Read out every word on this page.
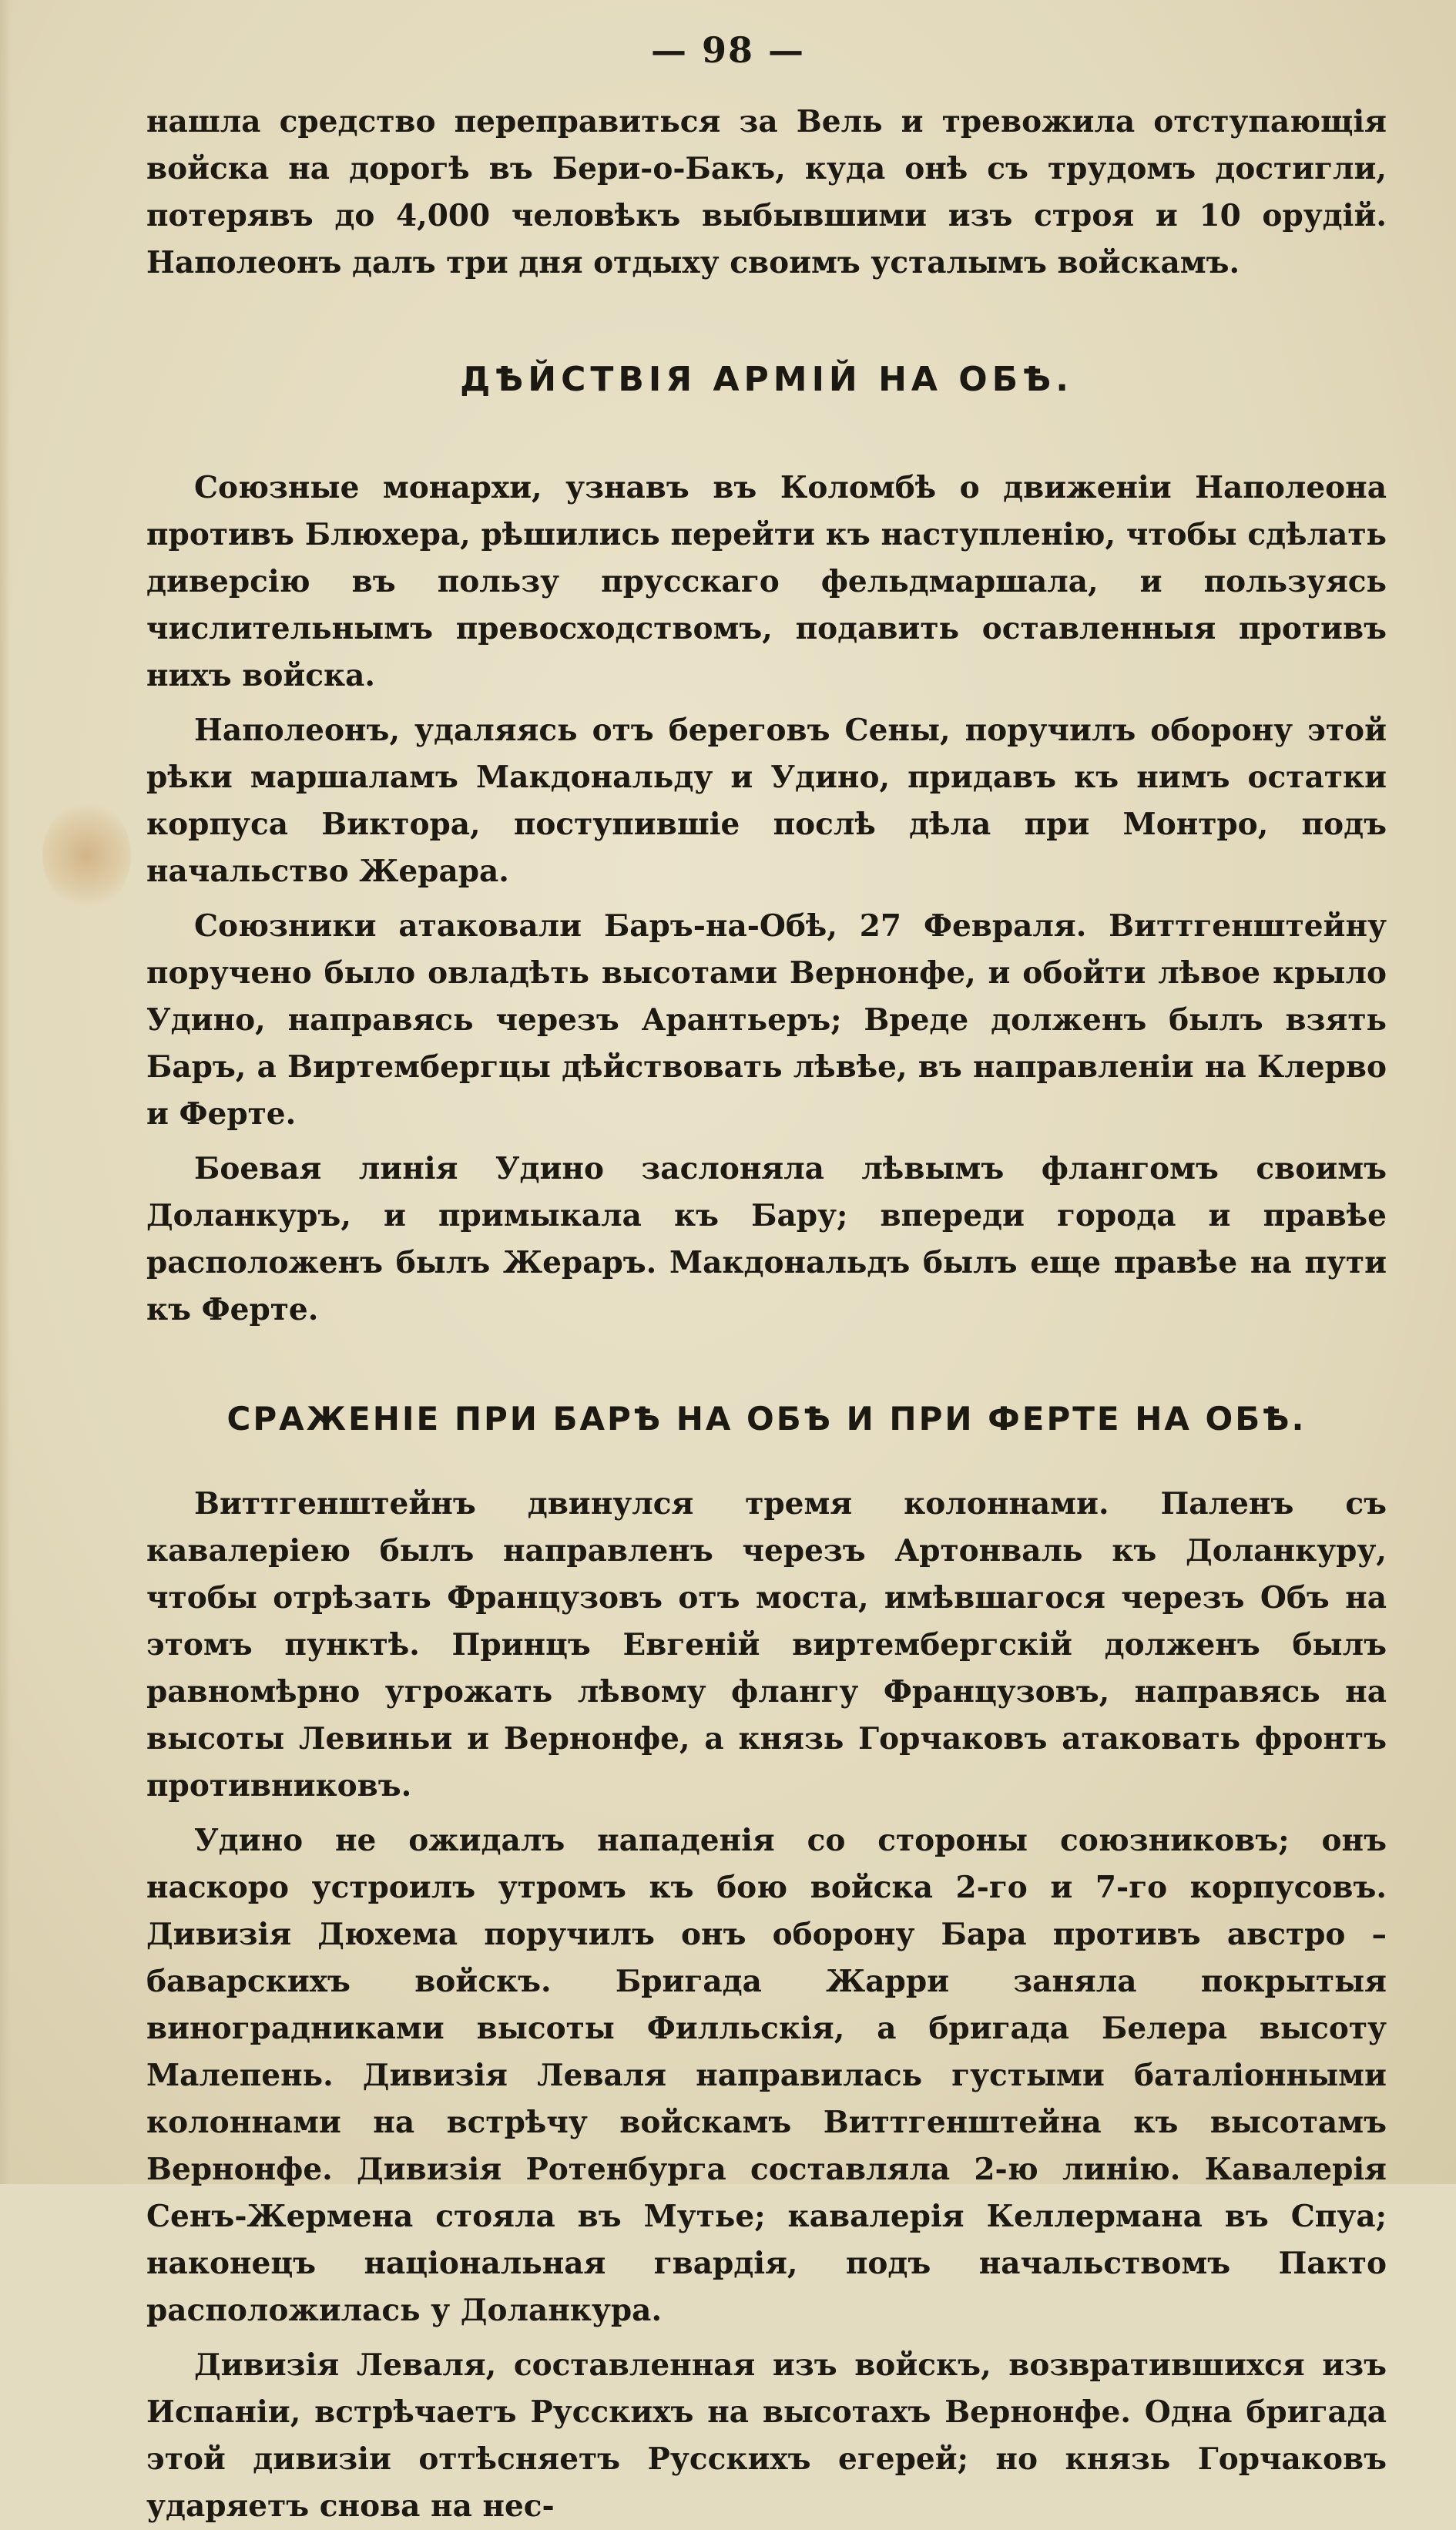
— 98 —

нашла средство переправиться за Вель и тревожила отступающія войска на дорогѣ въ Бери-о-Бакъ, куда онѣ съ трудомъ достигли, потерявъ до 4,000 человѣкъ выбывшими изъ строя и 10 орудій. Наполеонъ далъ три дня отдыху своимъ усталымъ войскамъ.

ДѢЙСТВІЯ АРМІЙ НА ОБѢ.

Союзные монархи, узнавъ въ Коломбѣ о движеніи Наполеона противъ Блюхера, рѣшились перейти къ наступленію, чтобы сдѣлать диверсію въ пользу прусскаго фельдмаршала, и пользуясь числительнымъ превосходствомъ, подавить оставленныя противъ нихъ войска.

Наполеонъ, удаляясь отъ береговъ Сены, поручилъ оборону этой рѣки маршаламъ Макдональду и Удино, придавъ къ нимъ остатки корпуса Виктора, поступившіе послѣ дѣла при Монтро, подъ начальство Жерара.

Союзники атаковали Баръ-на-Обѣ, 27 Февраля. Виттгенштейну поручено было овладѣть высотами Вернонфе, и обойти лѣвое крыло Удино, направясь черезъ Арантьеръ; Вреде долженъ былъ взять Баръ, а Виртембергцы дѣйствовать лѣвѣе, въ направленіи на Клерво и Ферте.

Боевая линія Удино заслоняла лѣвымъ флангомъ своимъ Доланкуръ, и примыкала къ Бару; впереди города и правѣе расположенъ былъ Жераръ. Макдональдъ былъ еще правѣе на пути къ Ферте.

СРАЖЕНІЕ ПРИ БАРѢ НА ОБѢ И ПРИ ФЕРТЕ НА ОБѢ.

Виттгенштейнъ двинулся тремя колоннами. Паленъ съ кавалеріею былъ направленъ черезъ Артонваль къ Доланкуру, чтобы отрѣзать Французовъ отъ моста, имѣвшагося черезъ Объ на этомъ пунктѣ. Принцъ Евгеній виртембергскій долженъ былъ равномѣрно угрожать лѣвому флангу Французовъ, направясь на высоты Левиньи и Вернонфе, а князь Горчаковъ атаковать фронтъ противниковъ.

Удино не ожидалъ нападенія со стороны союзниковъ; онъ наскоро устроилъ утромъ къ бою войска 2-го и 7-го корпусовъ. Дивизія Дюхема поручилъ онъ оборону Бара противъ австро – баварскихъ войскъ. Бригада Жарри заняла покрытыя виноградниками высоты Филльскія, а бригада Белера высоту Малепень. Дивизія Леваля направилась густыми баталіонными колоннами на встрѣчу войскамъ Виттгенштейна къ высотамъ Вернонфе. Дивизія Ротенбурга составляла 2-ю линію. Кавалерія Сенъ-Жермена стояла въ Мутье; кавалерія Келлермана въ Спуа; наконецъ національная гвардія, подъ начальствомъ Пакто расположилась у Доланкура.

Дивизія Леваля, составленная изъ войскъ, возвратившихся изъ Испаніи, встрѣчаетъ Русскихъ на высотахъ Вернонфе. Одна бригада этой дивизіи оттѣсняетъ Русскихъ егерей; но князь Горчаковъ ударяетъ снова на нес-
